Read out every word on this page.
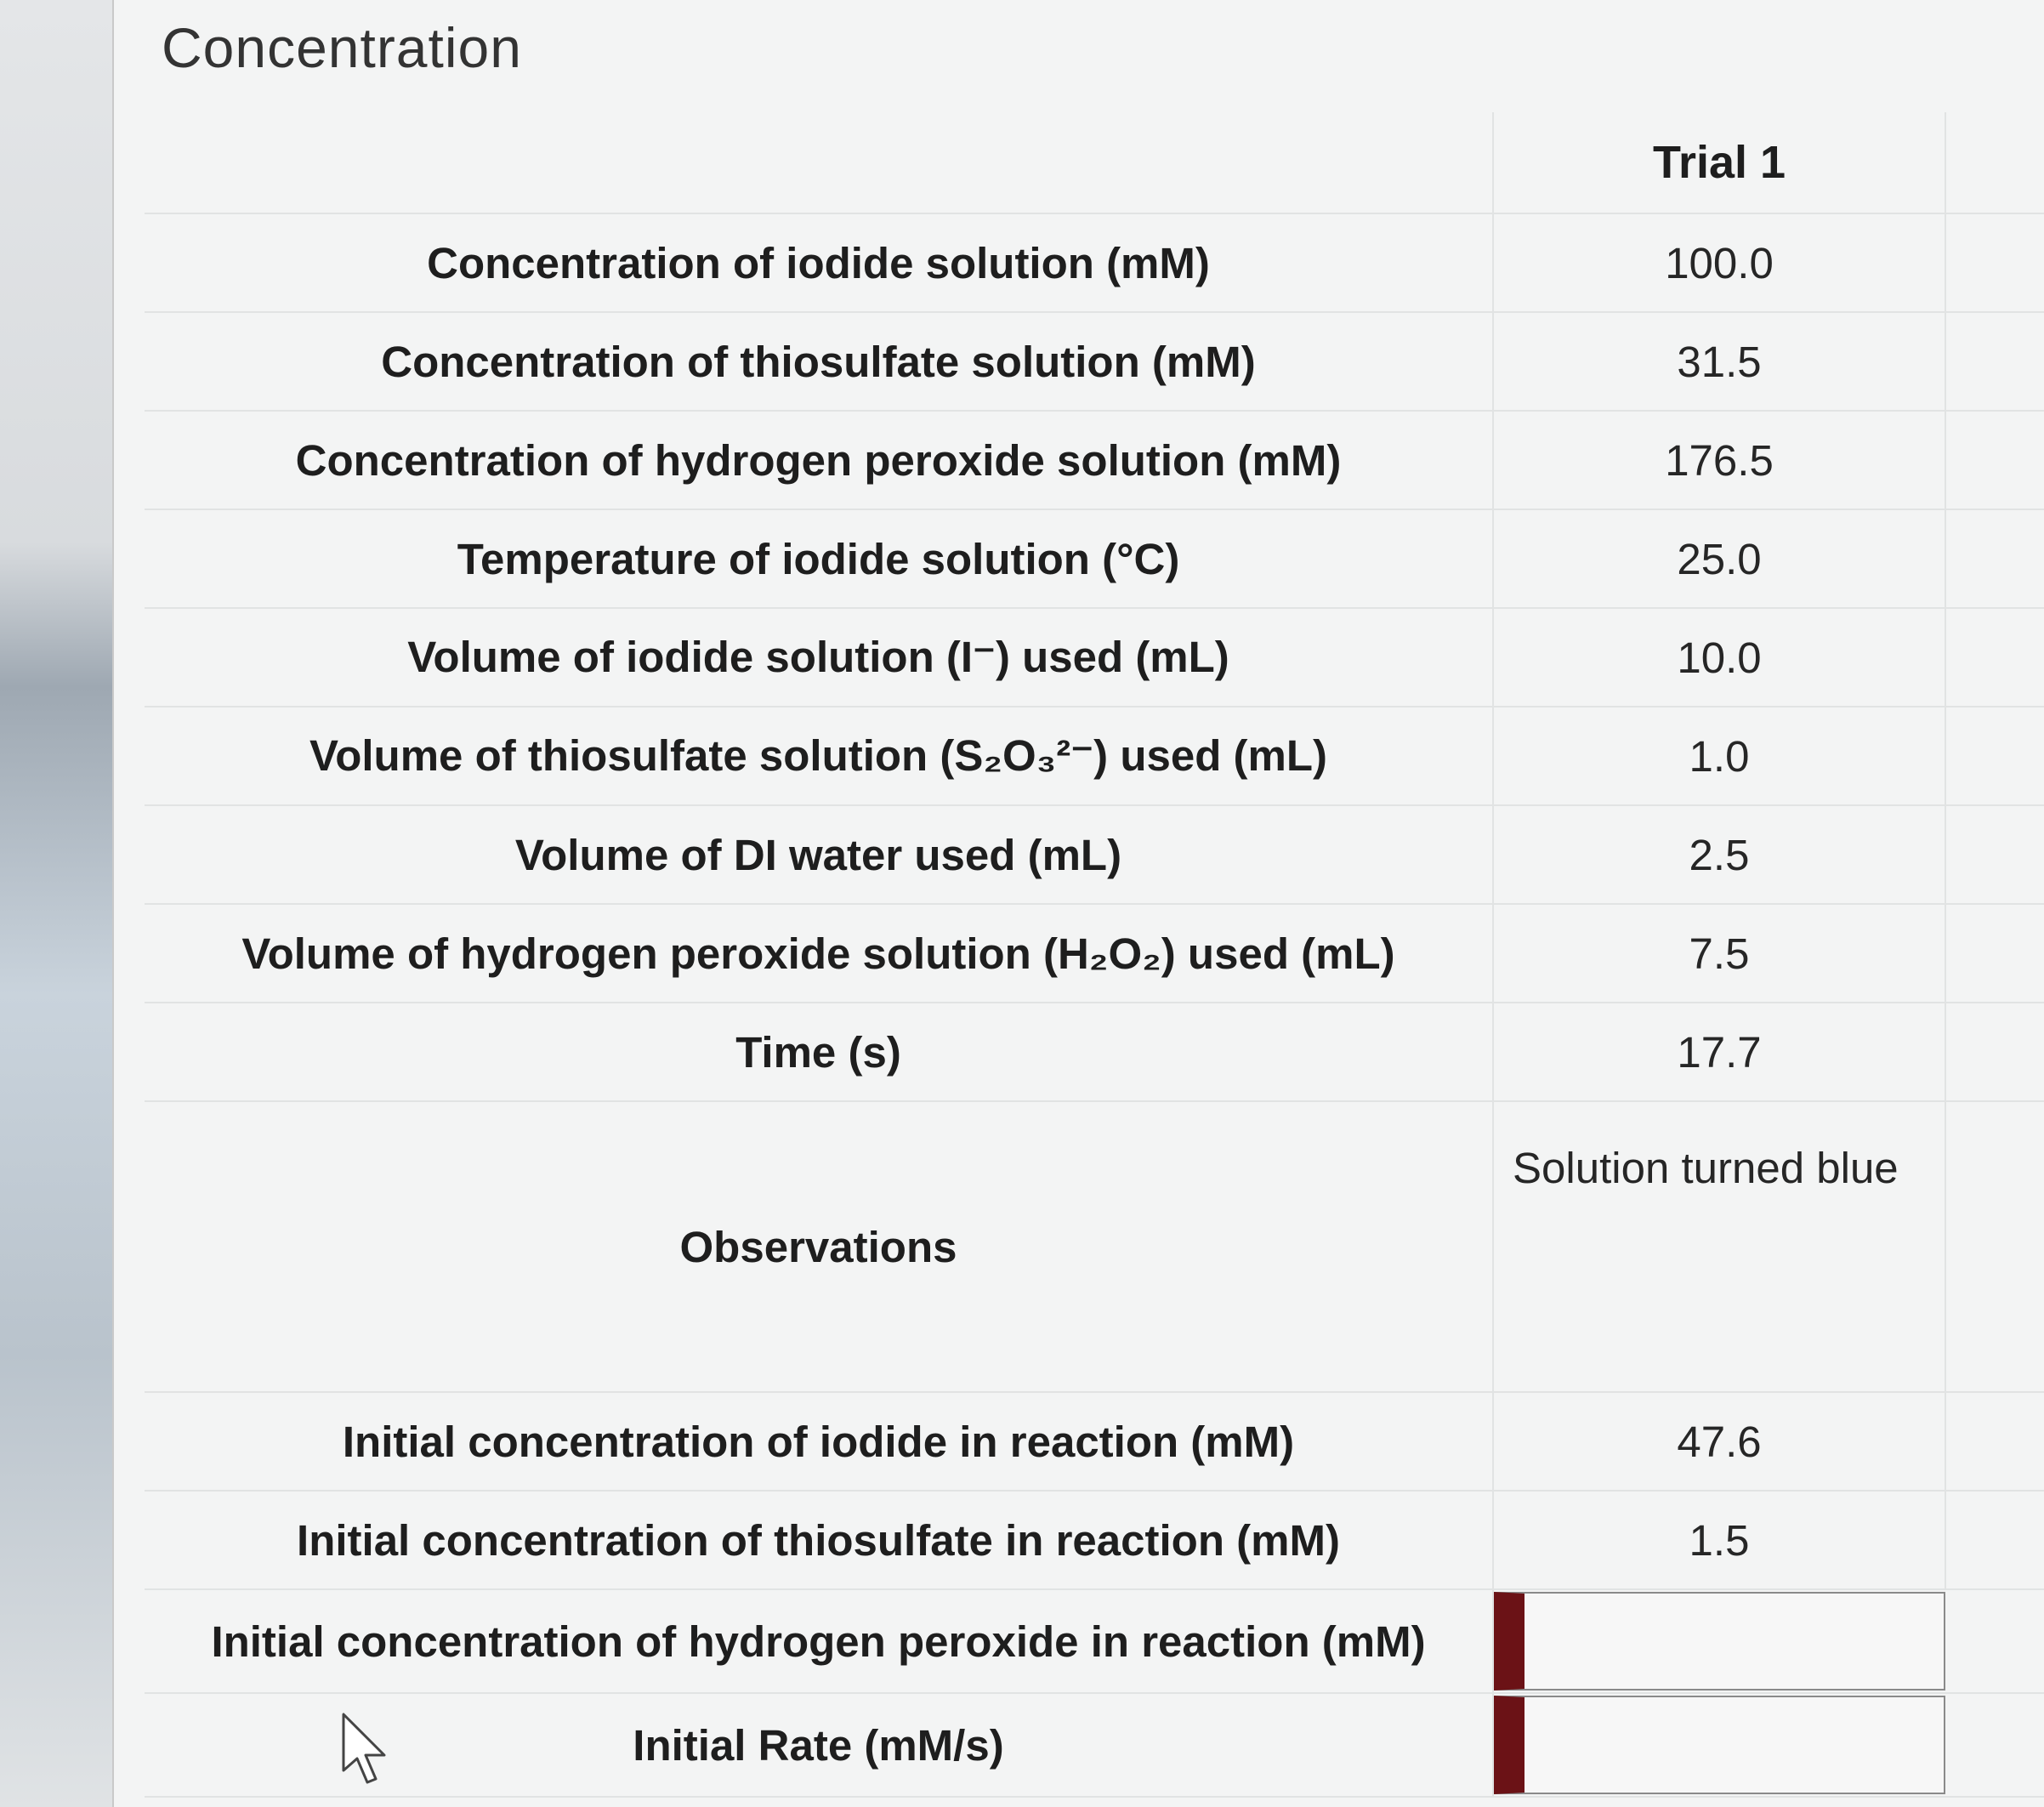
Concentration
	Trial 1	
Concentration of iodide solution (mM)	100.0	
Concentration of thiosulfate solution (mM)	31.5	
Concentration of hydrogen peroxide solution (mM)	176.5	
Temperature of iodide solution (°C)	25.0	
Volume of iodide solution (I⁻) used (mL)	10.0	
Volume of thiosulfate solution (S₂O₃²⁻) used (mL)	1.0	
Volume of DI water used (mL)	2.5	
Volume of hydrogen peroxide solution (H₂O₂) used (mL)	7.5	
Time (s)	17.7	
Observations	Solution turned blue	
Initial concentration of iodide in reaction (mM)	47.6	
Initial concentration of thiosulfate in reaction (mM)	1.5	
Initial concentration of hydrogen peroxide in reaction (mM)	

Initial Rate (mM/s)	
